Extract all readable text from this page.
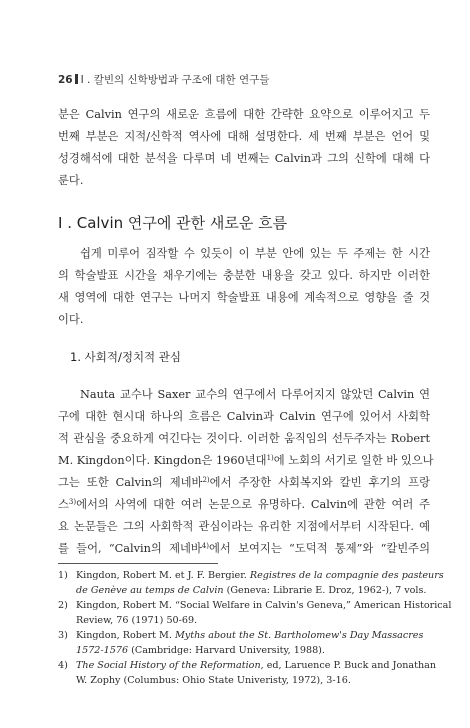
26 I . 칼빈의 신학방법과 구조에 대한 연구들
분은 Calvin 연구의 새로운 흐름에 대한 간략한 요약으로 이루어지고 두
번째 부분은 지적/신학적 역사에 대해 설명한다. 세 번째 부분은 언어 및
성경해석에 대한 분석을 다루며 네 번째는 Calvin과 그의 신학에 대해 다
룬다.
I . Calvin 연구에 관한 새로운 흐름
쉽게 미루어 짐작할 수 있듯이 이 부분 안에 있는 두 주제는 한 시간
의 학술발표 시간을 채우기에는 충분한 내용을 갖고 있다. 하지만 이러한
새 영역에 대한 연구는 나머지 학술발표 내용에 계속적으로 영향을 줄 것
이다.
1. 사회적/정치적 관심
Nauta 교수나 Saxer 교수의 연구에서 다루어지지 않았던 Calvin 연
구에 대한 현시대 하나의 흐름은 Calvin과 Calvin 연구에 있어서 사회학
적 관심을 중요하게 여긴다는 것이다. 이러한 움직임의 선두주자는 Robert
M. Kingdon이다. Kingdon은 1960년대$^{1)}$에 노회의 서기로 일한 바 있으나
그는 또한 Calvin의 제네바$^{2)}$에서 주장한 사회복지와 칼빈 후기의 프랑
스$^{3)}$에서의 사역에 대한 여러 논문으로 유명하다. Calvin에 관한 여러 주
요 논문들은 그의 사회학적 관심이라는 유리한 지점에서부터 시작된다. 예
를 들어, “Calvin의 제네바$^{4)}$에서 보여지는 “도덕적 통제”와 “칼빈주의
1) Kingdon, Robert M. et J. F. Bergier. Registres de la compagnie des pasteurs
de Genève au temps de Calvin (Geneva: Librarie E. Droz, 1962-), 7 vols.
2) Kingdon, Robert M. “Social Welfare in Calvin's Geneva,” American Historical
Review, 76 (1971) 50-69.
3) Kingdon, Robert M. Myths about the St. Bartholomew's Day Massacres
1572-1576 (Cambridge: Harvard University, 1988).
4) The Social History of the Reformation, ed, Laruence P. Buck and Jonathan
W. Zophy (Columbus: Ohio State Univeristy, 1972), 3-16.
